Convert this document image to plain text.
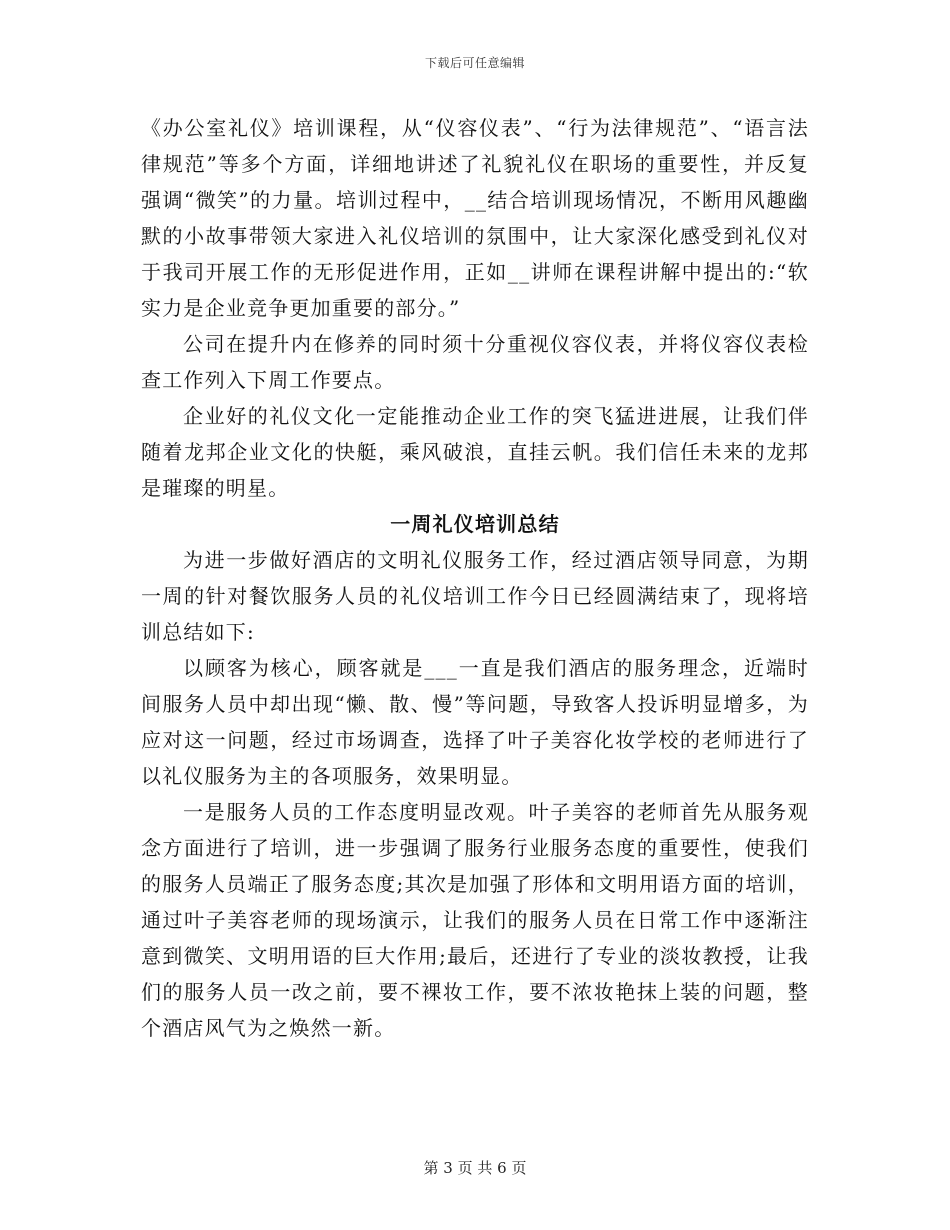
下载后可任意编辑

《办公室礼仪》培训课程，从“仪容仪表”、“行为法律规范”、“语言法律规范”等多个方面，详细地讲述了礼貌礼仪在职场的重要性，并反复强调“微笑”的力量。培训过程中，__结合培训现场情况，不断用风趣幽默的小故事带领大家进入礼仪培训的氛围中，让大家深化感受到礼仪对于我司开展工作的无形促进作用，正如__讲师在课程讲解中提出的:“软实力是企业竞争更加重要的部分。”

公司在提升内在修养的同时须十分重视仪容仪表，并将仪容仪表检查工作列入下周工作要点。

企业好的礼仪文化一定能推动企业工作的突飞猛进进展，让我们伴随着龙邦企业文化的快艇，乘风破浪，直挂云帆。我们信任未来的龙邦是璀璨的明星。

一周礼仪培训总结

为进一步做好酒店的文明礼仪服务工作，经过酒店领导同意，为期一周的针对餐饮服务人员的礼仪培训工作今日已经圆满结束了，现将培训总结如下:

以顾客为核心，顾客就是___一直是我们酒店的服务理念，近端时间服务人员中却出现“懒、散、慢”等问题，导致客人投诉明显增多，为应对这一问题，经过市场调查，选择了叶子美容化妆学校的老师进行了以礼仪服务为主的各项服务，效果明显。

一是服务人员的工作态度明显改观。叶子美容的老师首先从服务观念方面进行了培训，进一步强调了服务行业服务态度的重要性，使我们的服务人员端正了服务态度;其次是加强了形体和文明用语方面的培训，通过叶子美容老师的现场演示，让我们的服务人员在日常工作中逐渐注意到微笑、文明用语的巨大作用;最后，还进行了专业的淡妆教授，让我们的服务人员一改之前，要不裸妆工作，要不浓妆艳抹上装的问题，整个酒店风气为之焕然一新。

第 3 页 共 6 页
